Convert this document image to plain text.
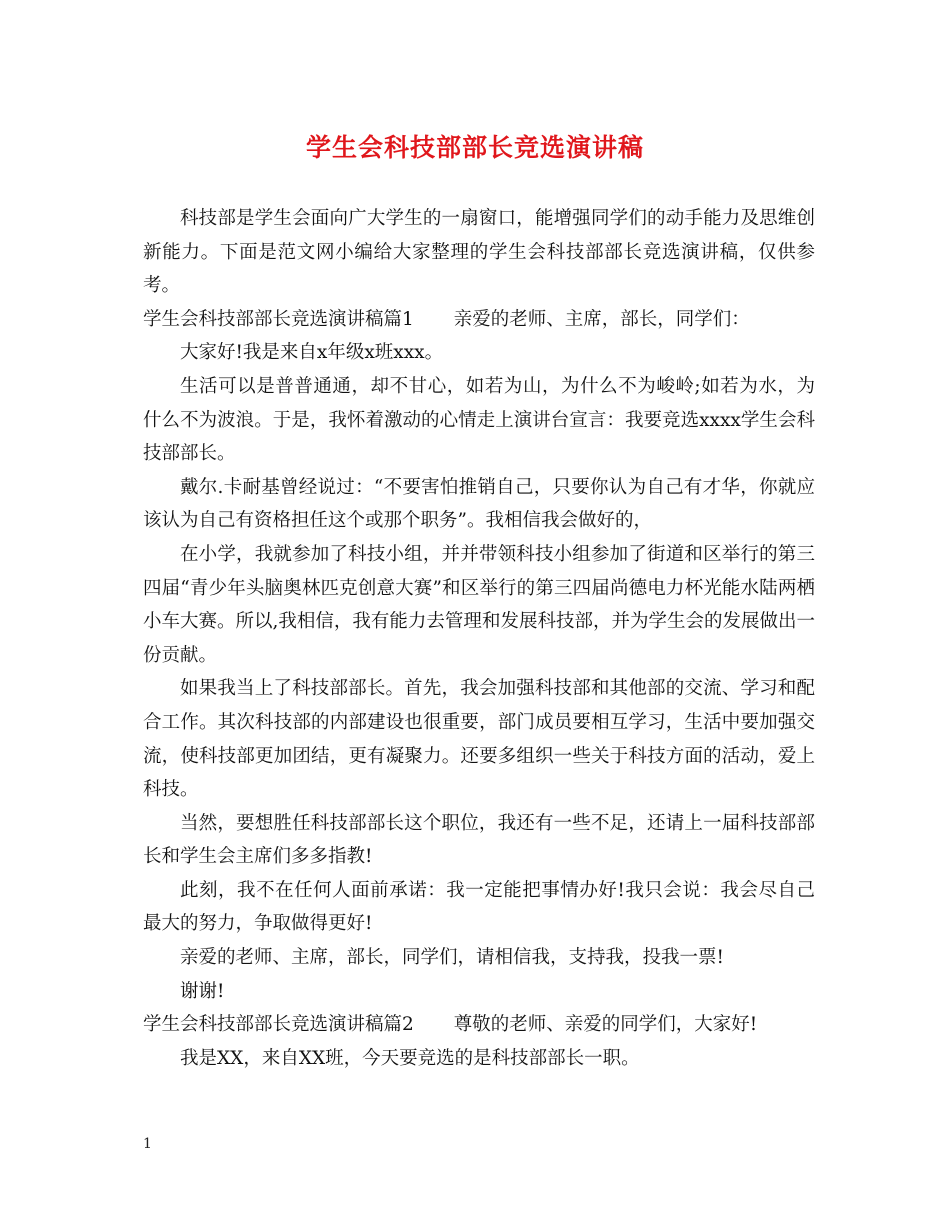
学生会科技部部长竞选演讲稿

科技部是学生会面向广大学生的一扇窗口，能增强同学们的动手能力及思维创新能力。下面是范文网小编给大家整理的学生会科技部部长竞选演讲稿，仅供参考。

学生会科技部部长竞选演讲稿篇1 亲爱的老师、主席，部长，同学们：

大家好!我是来自x年级x班xxx。

生活可以是普普通通，却不甘心，如若为山，为什么不为峻岭;如若为水，为什么不为波浪。于是，我怀着激动的心情走上演讲台宣言：我要竞选xxxx学生会科技部部长。

戴尔.卡耐基曾经说过：“不要害怕推销自己，只要你认为自己有才华，你就应该认为自己有资格担任这个或那个职务”。我相信我会做好的，

在小学，我就参加了科技小组，并并带领科技小组参加了街道和区举行的第三四届“青少年头脑奥林匹克创意大赛”和区举行的第三四届尚德电力杯光能水陆两栖小车大赛。所以,我相信，我有能力去管理和发展科技部，并为学生会的发展做出一份贡献。

如果我当上了科技部部长。首先，我会加强科技部和其他部的交流、学习和配合工作。其次科技部的内部建设也很重要，部门成员要相互学习，生活中要加强交流，使科技部更加团结，更有凝聚力。还要多组织一些关于科技方面的活动，爱上科技。

当然，要想胜任科技部部长这个职位，我还有一些不足，还请上一届科技部部长和学生会主席们多多指教!

此刻，我不在任何人面前承诺：我一定能把事情办好!我只会说：我会尽自己最大的努力，争取做得更好!

亲爱的老师、主席，部长，同学们，请相信我，支持我，投我一票!

谢谢!

学生会科技部部长竞选演讲稿篇2 尊敬的老师、亲爱的同学们，大家好!

我是XX，来自XX班，今天要竞选的是科技部部长一职。

1
